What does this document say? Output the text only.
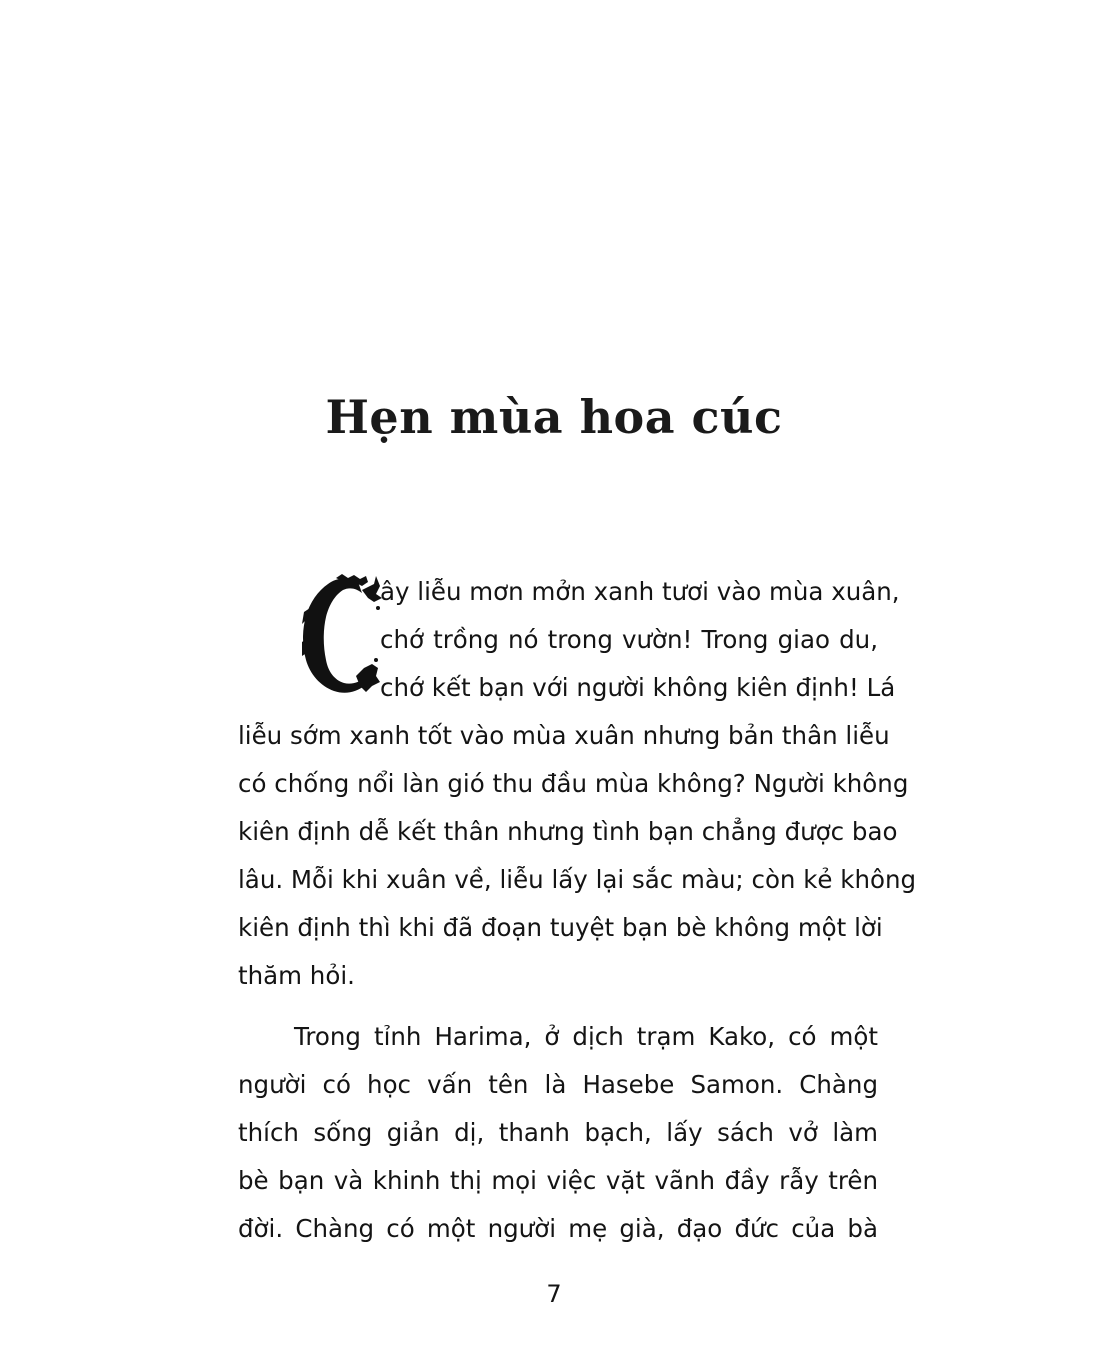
Hẹn mùa hoa cúc

ây liễu mơn mởn xanh tươi vào mùa xuân,
chớ trồng nó trong vườn! Trong giao du,
chớ kết bạn với người không kiên định! Lá
liễu sớm xanh tốt vào mùa xuân nhưng bản thân liễu
có chống nổi làn gió thu đầu mùa không? Người không
kiên định dễ kết thân nhưng tình bạn chẳng được bao
lâu. Mỗi khi xuân về, liễu lấy lại sắc màu; còn kẻ không
kiên định thì khi đã đoạn tuyệt bạn bè không một lời
thăm hỏi.

Trong tỉnh Harima, ở dịch trạm Kako, có một
người có học vấn tên là Hasebe Samon. Chàng
thích sống giản dị, thanh bạch, lấy sách vở làm
bè bạn và khinh thị mọi việc vặt vãnh đầy rẫy trên
đời. Chàng có một người mẹ già, đạo đức của bà

7
